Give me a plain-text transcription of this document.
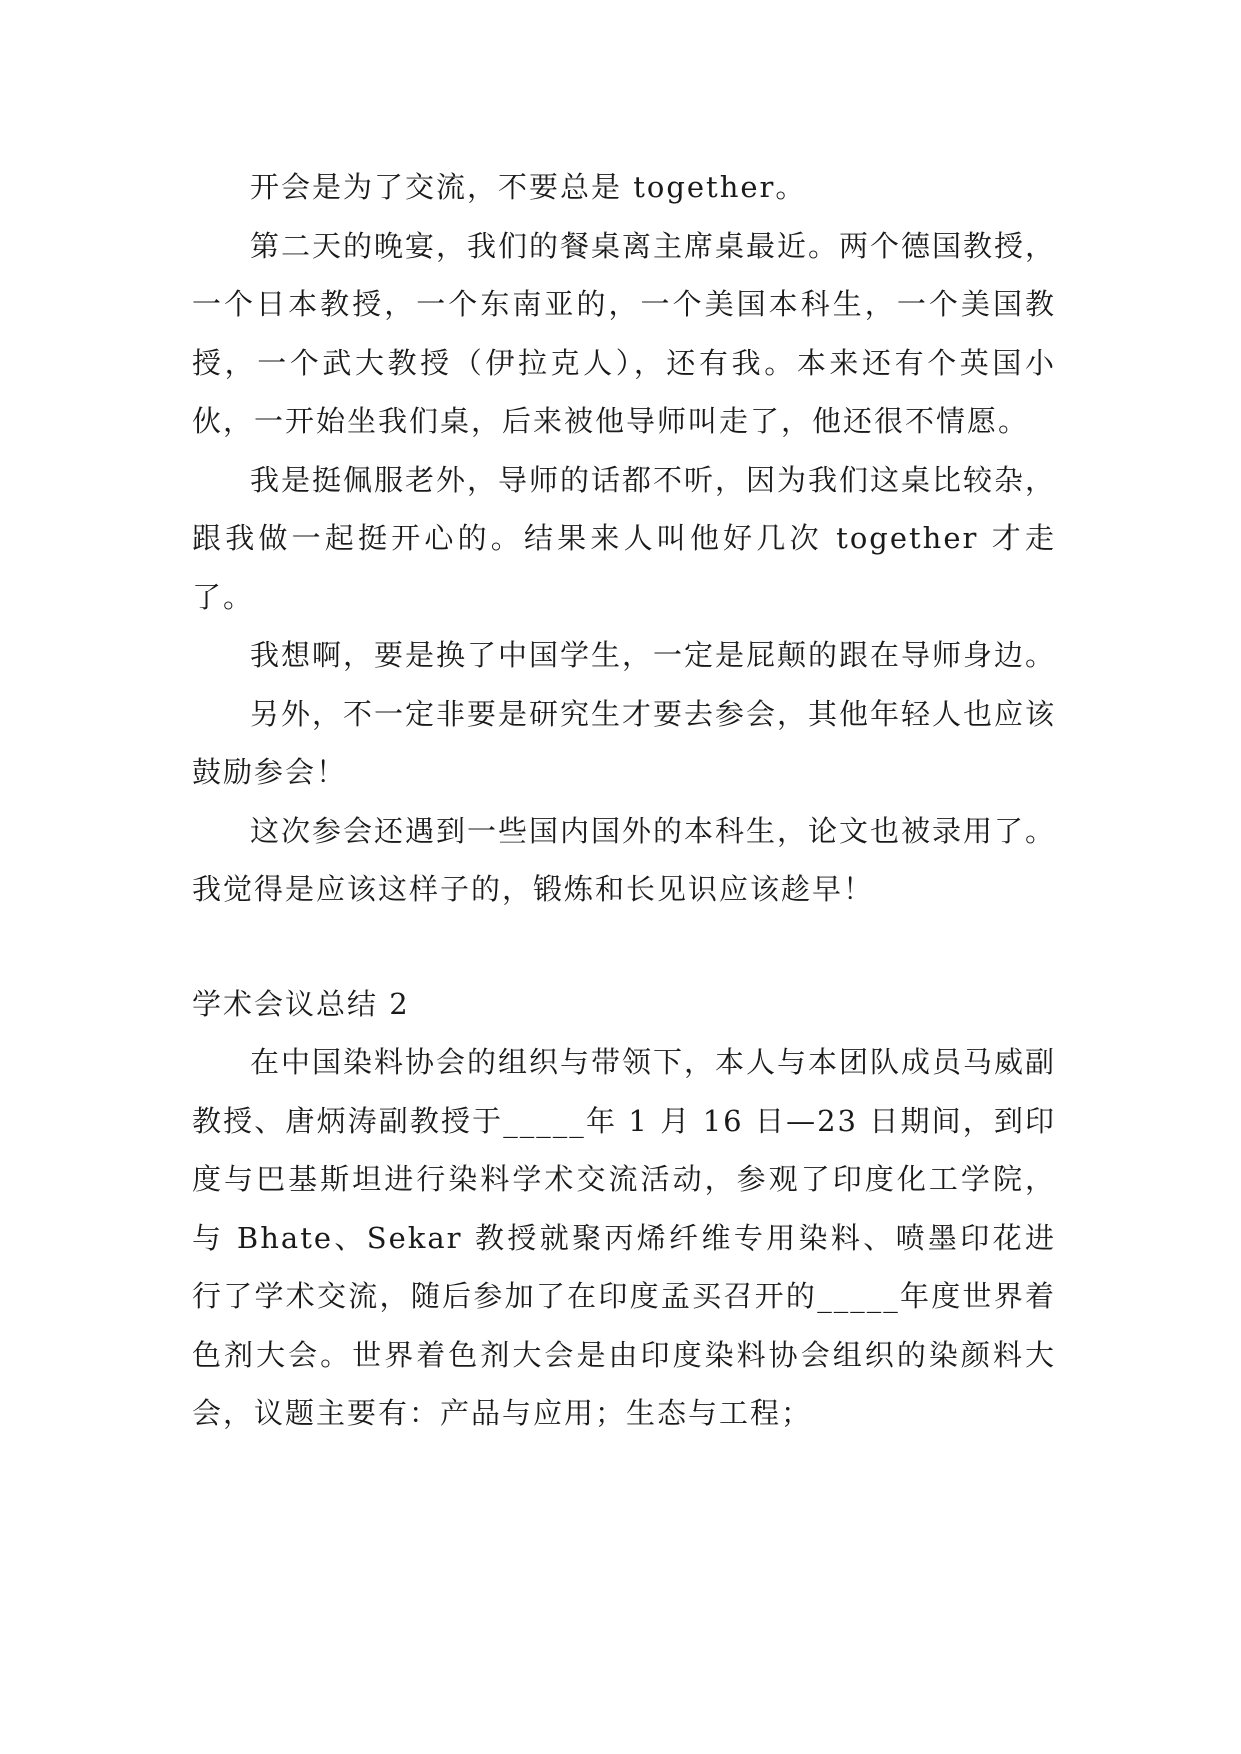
开会是为了交流，不要总是 together。

第二天的晚宴，我们的餐桌离主席桌最近。两个德国教授，一个日本教授，一个东南亚的，一个美国本科生，一个美国教授，一个武大教授（伊拉克人），还有我。本来还有个英国小伙，一开始坐我们桌，后来被他导师叫走了，他还很不情愿。

我是挺佩服老外，导师的话都不听，因为我们这桌比较杂，跟我做一起挺开心的。结果来人叫他好几次 together 才走了。

我想啊，要是换了中国学生，一定是屁颠的跟在导师身边。

另外，不一定非要是研究生才要去参会，其他年轻人也应该鼓励参会！

这次参会还遇到一些国内国外的本科生，论文也被录用了。我觉得是应该这样子的，锻炼和长见识应该趁早！

学术会议总结 2

在中国染料协会的组织与带领下，本人与本团队成员马威副教授、唐炳涛副教授于_____年 1 月 16 日—23 日期间，到印度与巴基斯坦进行染料学术交流活动，参观了印度化工学院，与 Bhate、Sekar 教授就聚丙烯纤维专用染料、喷墨印花进行了学术交流，随后参加了在印度孟买召开的_____年度世界着色剂大会。世界着色剂大会是由印度染料协会组织的染颜料大会，议题主要有：产品与应用；生态与工程；
